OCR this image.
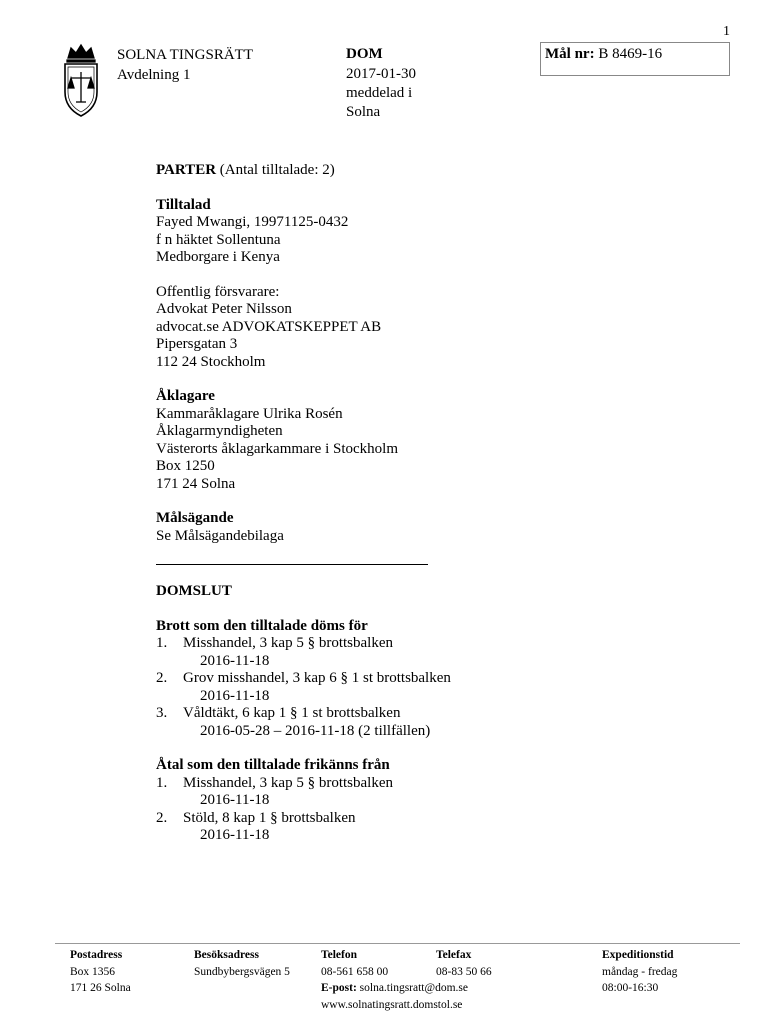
1
SOLNA TINGSRÄTT
Avdelning 1
DOM
2017-01-30
meddelad i
Solna
Mål nr: B 8469-16

PARTER (Antal tilltalade: 2)

Tilltalad

Fayed Mwangi, 19971125-0432

f n häktet Sollentuna

Medborgare i Kenya

Offentlig försvarare:

Advokat Peter Nilsson

advocat.se ADVOKATSKEPPET AB

Pipersgatan 3

112 24 Stockholm

Åklagare

Kammaråklagare Ulrika Rosén

Åklagarmyndigheten

Västerorts åklagarkammare i Stockholm

Box 1250

171 24 Solna

Målsägande

Se Målsägandebilaga

DOMSLUT

Brott som den tilltalade döms för

1.	Misshandel, 3 kap 5 § brottsbalken

2016-11-18

2.	Grov misshandel, 3 kap 6 § 1 st brottsbalken

2016-11-18

3.	Våldtäkt, 6 kap 1 § 1 st brottsbalken

2016-05-28 – 2016-11-18 (2 tillfällen)

Åtal som den tilltalade frikänns från

1.	Misshandel, 3 kap 5 § brottsbalken

2016-11-18

2.	Stöld, 8 kap 1 § brottsbalken

2016-11-18

Postadress
Box 1356
171 26 Solna
Besöksadress
Sundbybergsvägen 5
Telefon
08-561 658 00
E-post: solna.tingsratt@dom.se
www.solnatingsratt.domstol.se
Telefax
08-83 50 66
Expeditionstid
måndag - fredag
08:00-16:30
